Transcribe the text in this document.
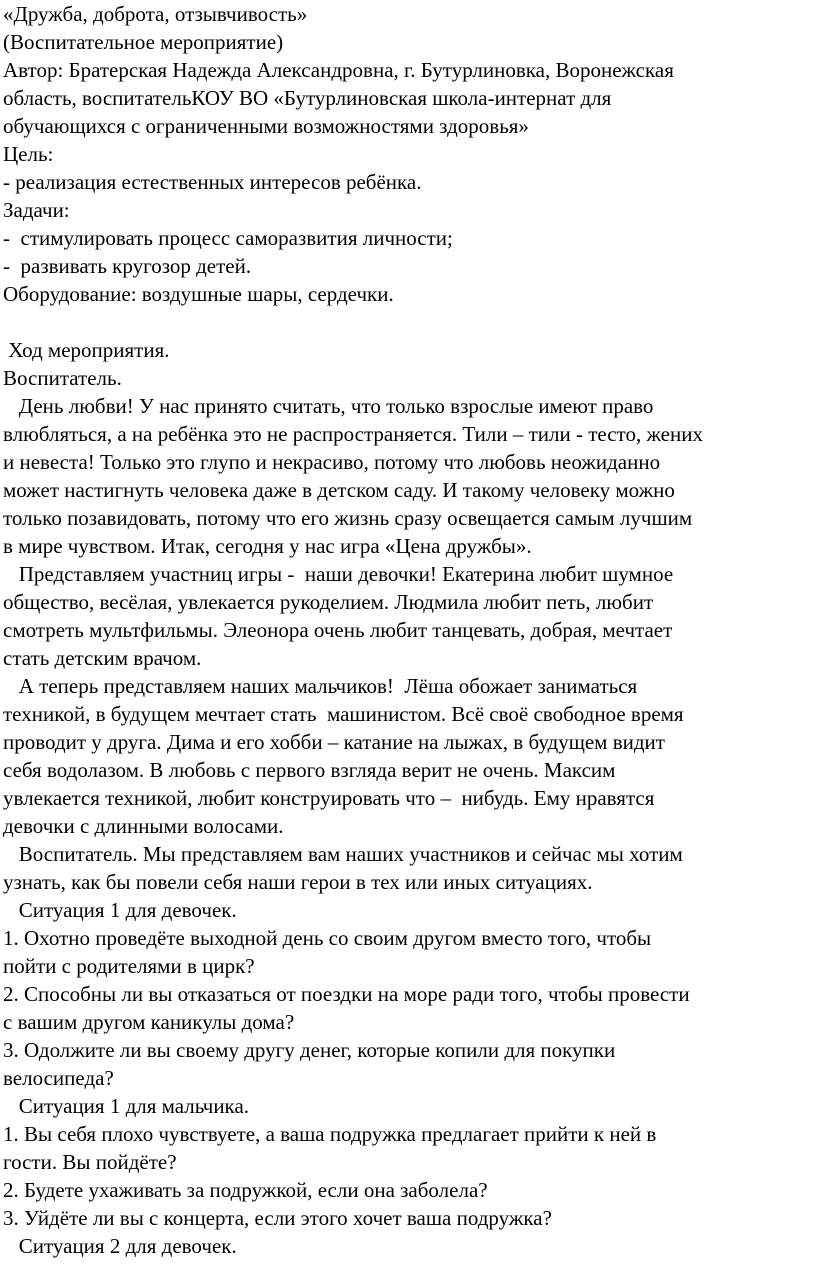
«Дружба, доброта, отзывчивость»

(Воспитательное мероприятие)

Автор: Братерская Надежда Александровна, г. Бутурлиновка, Воронежская

область, воспитательКОУ ВО «Бутурлиновская школа-интернат для

обучающихся с ограниченными возможностями здоровья»

Цель:

- реализация естественных интересов ребёнка.

Задачи:

-  стимулировать процесс саморазвития личности;

-  развивать кругозор детей.

Оборудование: воздушные шары, сердечки.

Ход мероприятия.

Воспитатель.

День любви! У нас принято считать, что только взрослые имеют право

влюбляться, а на ребёнка это не распространяется. Тили – тили - тесто, жених

и невеста! Только это глупо и некрасиво, потому что любовь неожиданно

может настигнуть человека даже в детском саду. И такому человеку можно

только позавидовать, потому что его жизнь сразу освещается самым лучшим

в мире чувством. Итак, сегодня у нас игра «Цена дружбы».

Представляем участниц игры -  наши девочки! Екатерина любит шумное

общество, весёлая, увлекается рукоделием. Людмила любит петь, любит

смотреть мультфильмы. Элеонора очень любит танцевать, добрая, мечтает

стать детским врачом.

А теперь представляем наших мальчиков!  Лёша обожает заниматься

техникой, в будущем мечтает стать  машинистом. Всё своё свободное время

проводит у друга. Дима и его хобби – катание на лыжах, в будущем видит

себя водолазом. В любовь с первого взгляда верит не очень. Максим

увлекается техникой, любит конструировать что –  нибудь. Ему нравятся

девочки с длинными волосами.

Воспитатель. Мы представляем вам наших участников и сейчас мы хотим

узнать, как бы повели себя наши герои в тех или иных ситуациях.

Ситуация 1 для девочек.

1. Охотно проведёте выходной день со своим другом вместо того, чтобы

пойти с родителями в цирк?

2. Способны ли вы отказаться от поездки на море ради того, чтобы провести

с вашим другом каникулы дома?

3. Одолжите ли вы своему другу денег, которые копили для покупки

велосипеда?

Ситуация 1 для мальчика.

1. Вы себя плохо чувствуете, а ваша подружка предлагает прийти к ней в

гости. Вы пойдёте?

2. Будете ухаживать за подружкой, если она заболела?

3. Уйдёте ли вы с концерта, если этого хочет ваша подружка?

Ситуация 2 для девочек.
